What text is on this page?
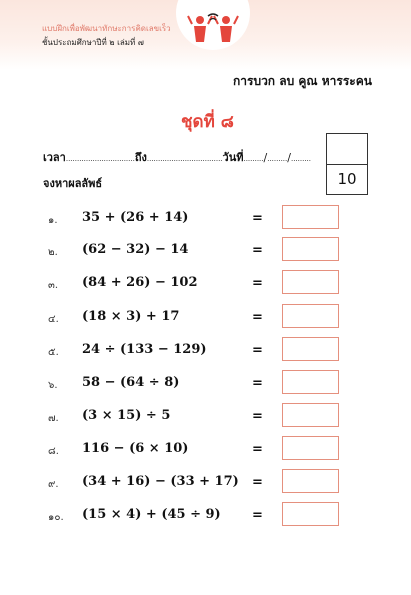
แบบฝึกเพื่อพัฒนาทักษะการคิดเลขเร็ว
ชั้นประถมศึกษาปีที่ ๒ เล่มที่ ๗
การบวก ลบ คูณ หารระคน
ชุดที่ ๘
เวลา...............................ถึง..................................วันที่........./........./.........
จงหาผลลัพธ์	10
๑. 35 + (26 + 14)	=
๒. (62 − 32) − 14	=
๓. (84 + 26) − 102	=
๔. (18 × 3) + 17	=
๕. 24 ÷ (133 − 129)	=
๖. 58 − (64 ÷ 8)	=
๗. (3 × 15) ÷ 5	=
๘. 116 − (6 × 10)	=
๙. (34 + 16) − (33 + 17) =
๑๐. (15 × 4) + (45 ÷ 9) =
